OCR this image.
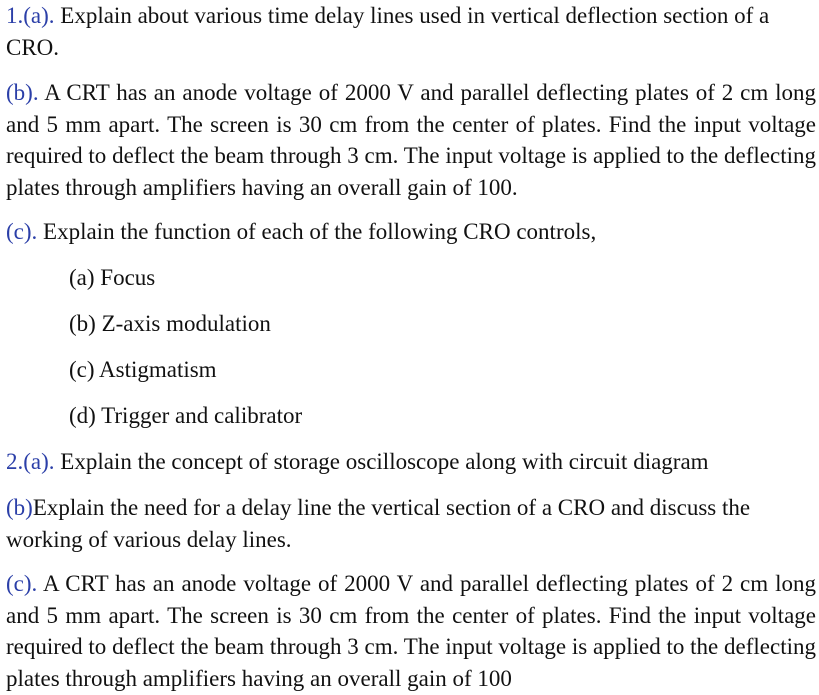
1.(a). Explain about various time delay lines used in vertical deflection section of a CRO.

(b). A CRT has an anode voltage of 2000 V and parallel deflecting plates of 2 cm long and 5 mm apart. The screen is 30 cm from the center of plates. Find the input voltage required to deflect the beam through 3 cm. The input voltage is applied to the deflecting plates through amplifiers having an overall gain of 100.

(c). Explain the function of each of the following CRO controls,

(a) Focus

(b) Z-axis modulation

(c) Astigmatism

(d) Trigger and calibrator

2.(a). Explain the concept of storage oscilloscope along with circuit diagram

(b)Explain the need for a delay line the vertical section of a CRO and discuss the working of various delay lines.

(c). A CRT has an anode voltage of 2000 V and parallel deflecting plates of 2 cm long and 5 mm apart. The screen is 30 cm from the center of plates. Find the input voltage required to deflect the beam through 3 cm. The input voltage is applied to the deflecting plates through amplifiers having an overall gain of 100
